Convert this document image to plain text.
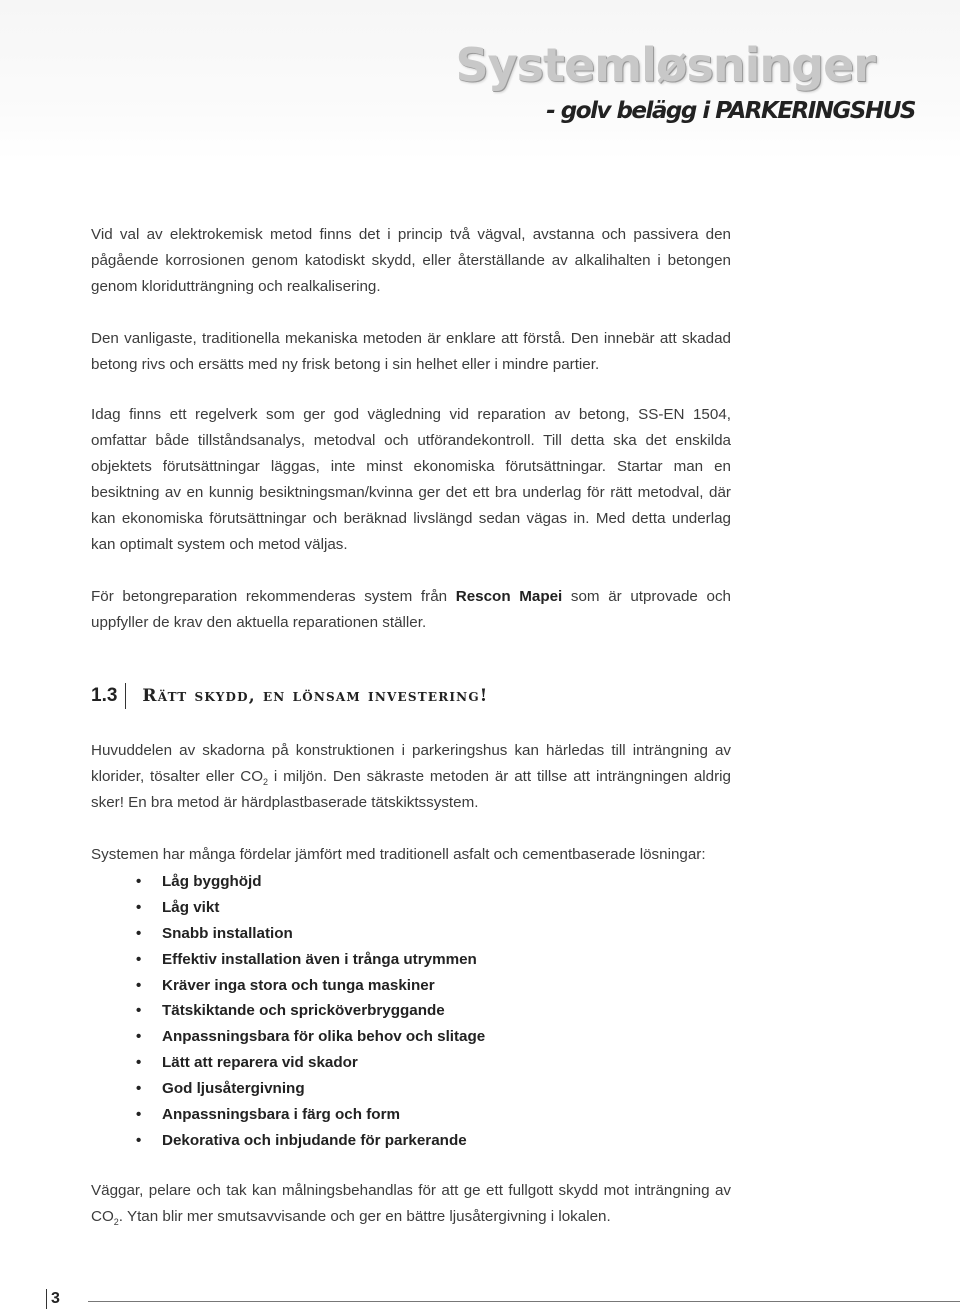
Systemløsninger
- golv belägg i PARKERINGSHUS

Vid val av elektrokemisk metod finns det i princip två vägval, avstanna och passivera den pågående korrosionen genom katodiskt skydd, eller återställande av alkalihalten i betongen genom kloridutträngning och realkalisering.

Den vanligaste, traditionella mekaniska metoden är enklare att förstå. Den innebär att skadad betong rivs och ersätts med ny frisk betong i sin helhet eller i mindre partier.

Idag finns ett regelverk som ger god vägledning vid reparation av betong, SS-EN 1504, omfattar både tillståndsanalys, metodval och utförandekontroll. Till detta ska det enskilda objektets förutsättningar läggas, inte minst ekonomiska förutsättningar. Startar man en besiktning av en kunnig besiktningsman/kvinna ger det ett bra underlag för rätt metodval, där kan ekonomiska förutsättningar och beräknad livslängd sedan vägas in. Med detta underlag kan optimalt system och metod väljas.

För betongreparation rekommenderas system från Rescon Mapei som är utprovade och uppfyller de krav den aktuella reparationen ställer.

1.3 Rätt skydd, en lönsam investering!

Huvuddelen av skadorna på konstruktionen i parkeringshus kan härledas till inträngning av klorider, tösalter eller $CO_2$ i miljön. Den säkraste metoden är att tillse att inträngningen aldrig sker! En bra metod är härdplastbaserade tätskiktssystem.

Systemen har många fördelar jämfört med traditionell asfalt och cementbaserade lösningar:

• Låg bygghöjd
• Låg vikt
• Snabb installation
• Effektiv installation även i trånga utrymmen
• Kräver inga stora och tunga maskiner
• Tätskiktande och spricköverbryggande
• Anpassningsbara för olika behov och slitage
• Lätt att reparera vid skador
• God ljusåtergivning
• Anpassningsbara i färg och form
• Dekorativa och inbjudande för parkerande

Väggar, pelare och tak kan målningsbehandlas för att ge ett fullgott skydd mot inträngning av $CO_2$. Ytan blir mer smutsavvisande och ger en bättre ljusåtergivning i lokalen.

3
